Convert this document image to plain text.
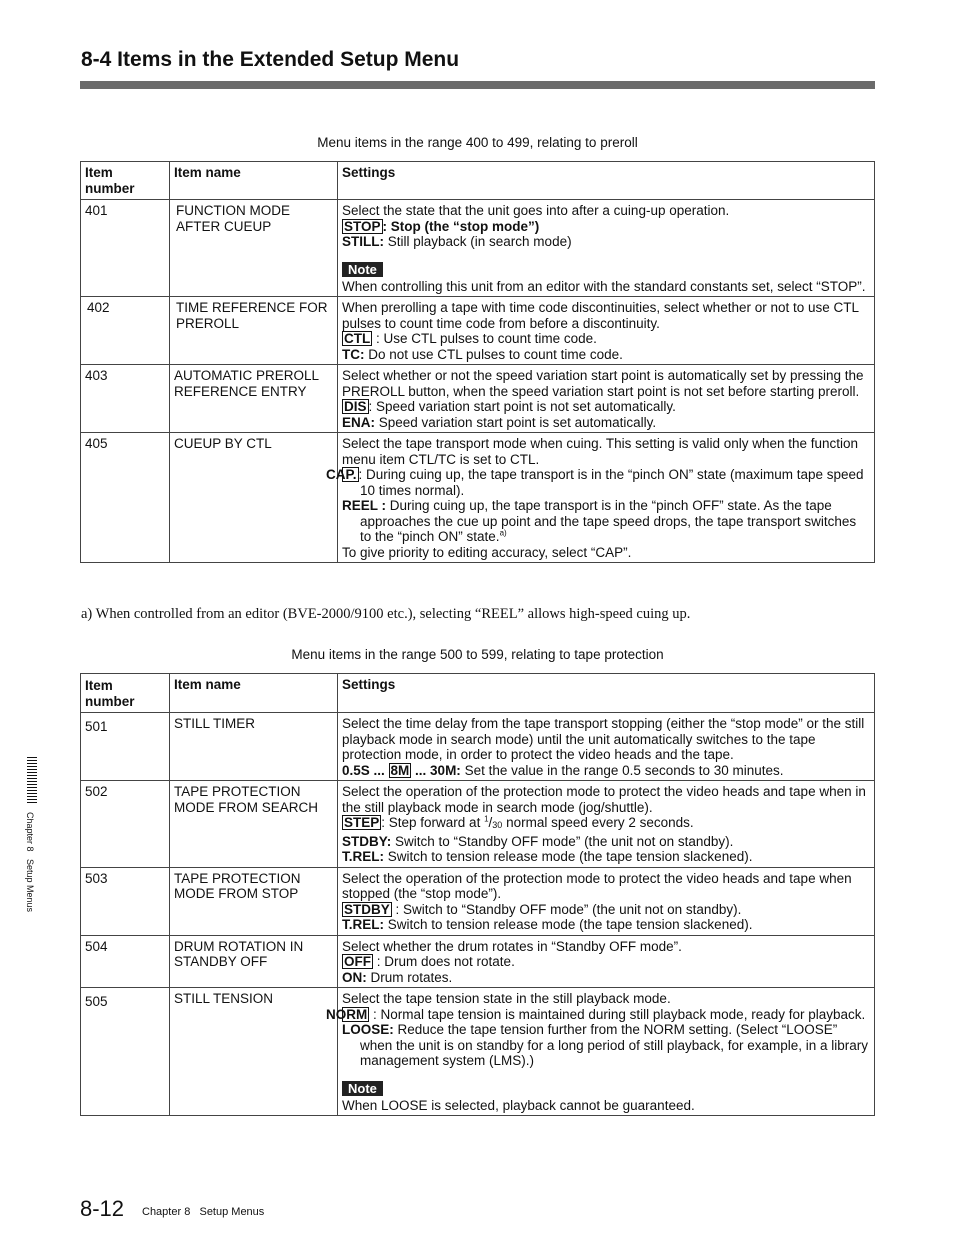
8-4 Items in the Extended Setup Menu
Menu items in the range 400 to 499, relating to preroll
Item number	Item name	Settings
401	FUNCTION MODE AFTER CUEUP	Select the state that the unit goes into after a cuing-up operation.
STOP : Stop (the “stop mode”)
STILL: Still playback (in search mode)
Note
When controlling this unit from an editor with the standard constants set, select “STOP”.

402	TIME REFERENCE FOR PREROLL	When prerolling a tape with time code discontinuities, select whether or not to use CTL pulses to count time code from before a discontinuity.
CTL : Use CTL pulses to count time code.
TC: Do not use CTL pulses to count time code.

403	AUTOMATIC PREROLL REFERENCE ENTRY	Select whether or not the speed variation start point is automatically set by pressing the PREROLL button, when the speed variation start point is not set before starting preroll.
DIS : Speed variation start point is not set automatically.
ENA: Speed variation start point is set automatically.

405	CUEUP BY CTL	Select the tape transport mode when cuing. This setting is valid only when the function menu item CTL/TC is set to CTL.
CAP. : During cuing up, the tape transport is in the “pinch ON” state (maximum tape speed 10 times normal).
REEL : During cuing up, the tape transport is in the “pinch OFF” state. As the tape approaches the cue up point and the tape speed drops, the tape transport switches to the “pinch ON” state.$^{a)}$
To give priority to editing accuracy, select “CAP”.
a) When controlled from an editor (BVE-2000/9100 etc.), selecting “REEL” allows high-speed cuing up.
Menu items in the range 500 to 599, relating to tape protection
Item number	Item name	Settings

501	STILL TIMER	Select the time delay from the tape transport stopping (either the “stop mode” or the still playback mode in search mode) until the unit automatically switches to the tape protection mode, in order to protect the video heads and the tape.
0.5S ... 8M ... 30M: Set the value in the range 0.5 seconds to 30 minutes.

502	TAPE PROTECTION MODE FROM SEARCH	Select the operation of the protection mode to protect the video heads and tape when in the still playback mode in search mode (jog/shuttle).
STEP : Step forward at $^1$/30 normal speed every 2 seconds.
STDBY: Switch to “Standby OFF mode” (the unit not on standby).
T.REL: Switch to tension release mode (the tape tension slackened).

503	TAPE PROTECTION MODE FROM STOP	Select the operation of the protection mode to protect the video heads and tape when stopped (the “stop mode”).
STDBY : Switch to “Standby OFF mode” (the unit not on standby).
T.REL: Switch to tension release mode (the tape tension slackened).

504	DRUM ROTATION IN STANDBY OFF	Select whether the drum rotates in “Standby OFF mode”.
OFF : Drum does not rotate.
ON: Drum rotates.

505	STILL TENSION	Select the tape tension state in the still playback mode.
NORM : Normal tape tension is maintained during still playback mode, ready for playback.
LOOSE: Reduce the tape tension further from the NORM setting. (Select “LOOSE” when the unit is on standby for a long period of still playback, for example, in a library management system (LMS).)
Note
When LOOSE is selected, playback cannot be guaranteed.
Chapter 8   Setup Menus
8-12 Chapter 8   Setup Menus
